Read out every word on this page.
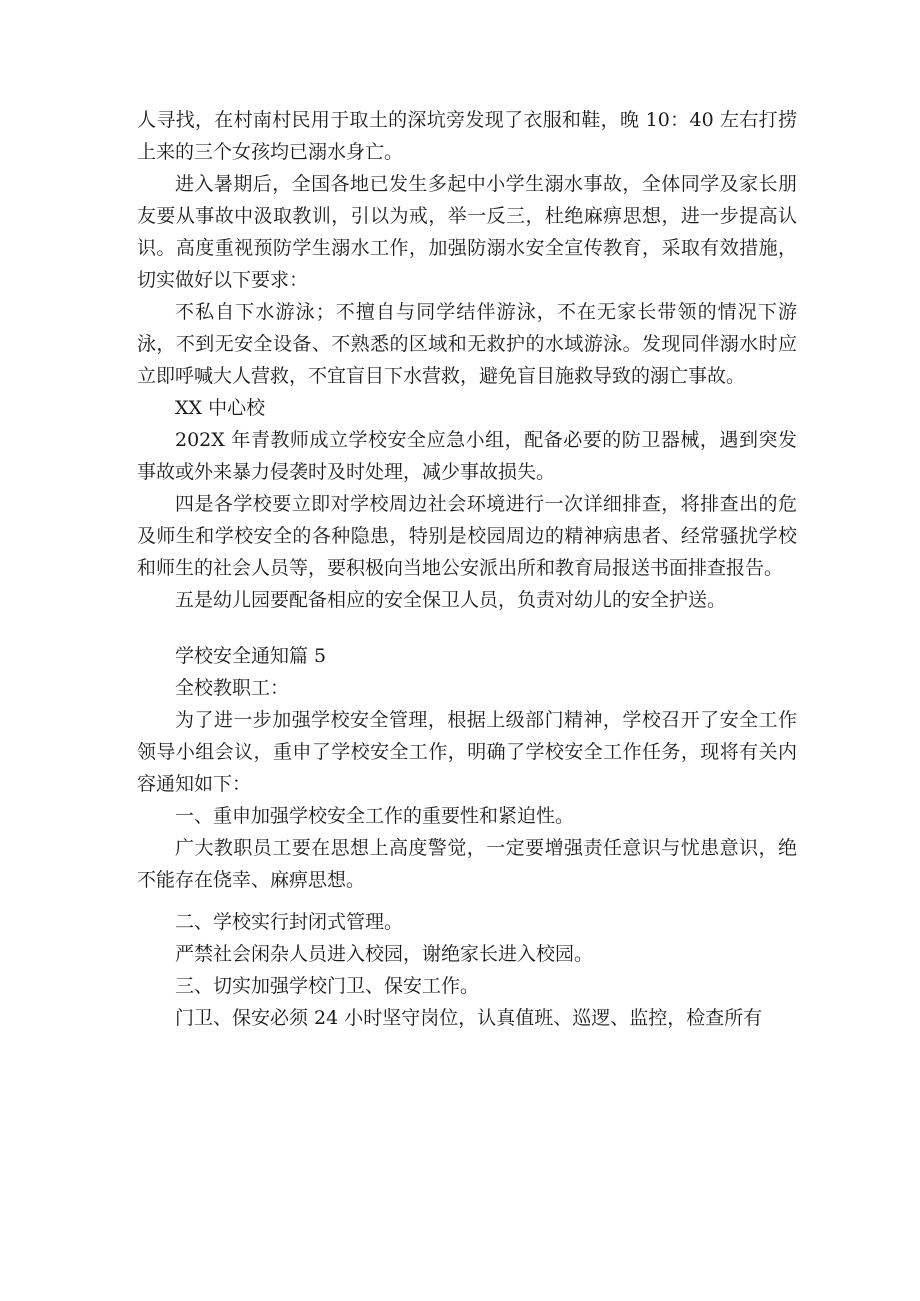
人寻找，在村南村民用于取土的深坑旁发现了衣服和鞋，晚 10：40 左右打捞上来的三个女孩均已溺水身亡。

进入暑期后，全国各地已发生多起中小学生溺水事故，全体同学及家长朋友要从事故中汲取教训，引以为戒，举一反三，杜绝麻痹思想，进一步提高认识。高度重视预防学生溺水工作，加强防溺水安全宣传教育，采取有效措施，切实做好以下要求：

不私自下水游泳；不擅自与同学结伴游泳，不在无家长带领的情况下游泳，不到无安全设备、不熟悉的区域和无救护的水域游泳。发现同伴溺水时应立即呼喊大人营救，不宜盲目下水营救，避免盲目施救导致的溺亡事故。

XX 中心校

202X 年青教师成立学校安全应急小组，配备必要的防卫器械，遇到突发事故或外来暴力侵袭时及时处理，减少事故损失。

四是各学校要立即对学校周边社会环境进行一次详细排查，将排查出的危及师生和学校安全的各种隐患，特别是校园周边的精神病患者、经常骚扰学校和师生的社会人员等，要积极向当地公安派出所和教育局报送书面排查报告。

五是幼儿园要配备相应的安全保卫人员，负责对幼儿的安全护送。

学校安全通知篇 5

全校教职工：

为了进一步加强学校安全管理，根据上级部门精神，学校召开了安全工作领导小组会议，重申了学校安全工作，明确了学校安全工作任务，现将有关内容通知如下：

一、重申加强学校安全工作的重要性和紧迫性。

广大教职员工要在思想上高度警觉，一定要增强责任意识与忧患意识，绝不能存在侥幸、麻痹思想。

二、学校实行封闭式管理。

严禁社会闲杂人员进入校园，谢绝家长进入校园。

三、切实加强学校门卫、保安工作。

门卫、保安必须 24 小时坚守岗位，认真值班、巡逻、监控，检查所有
